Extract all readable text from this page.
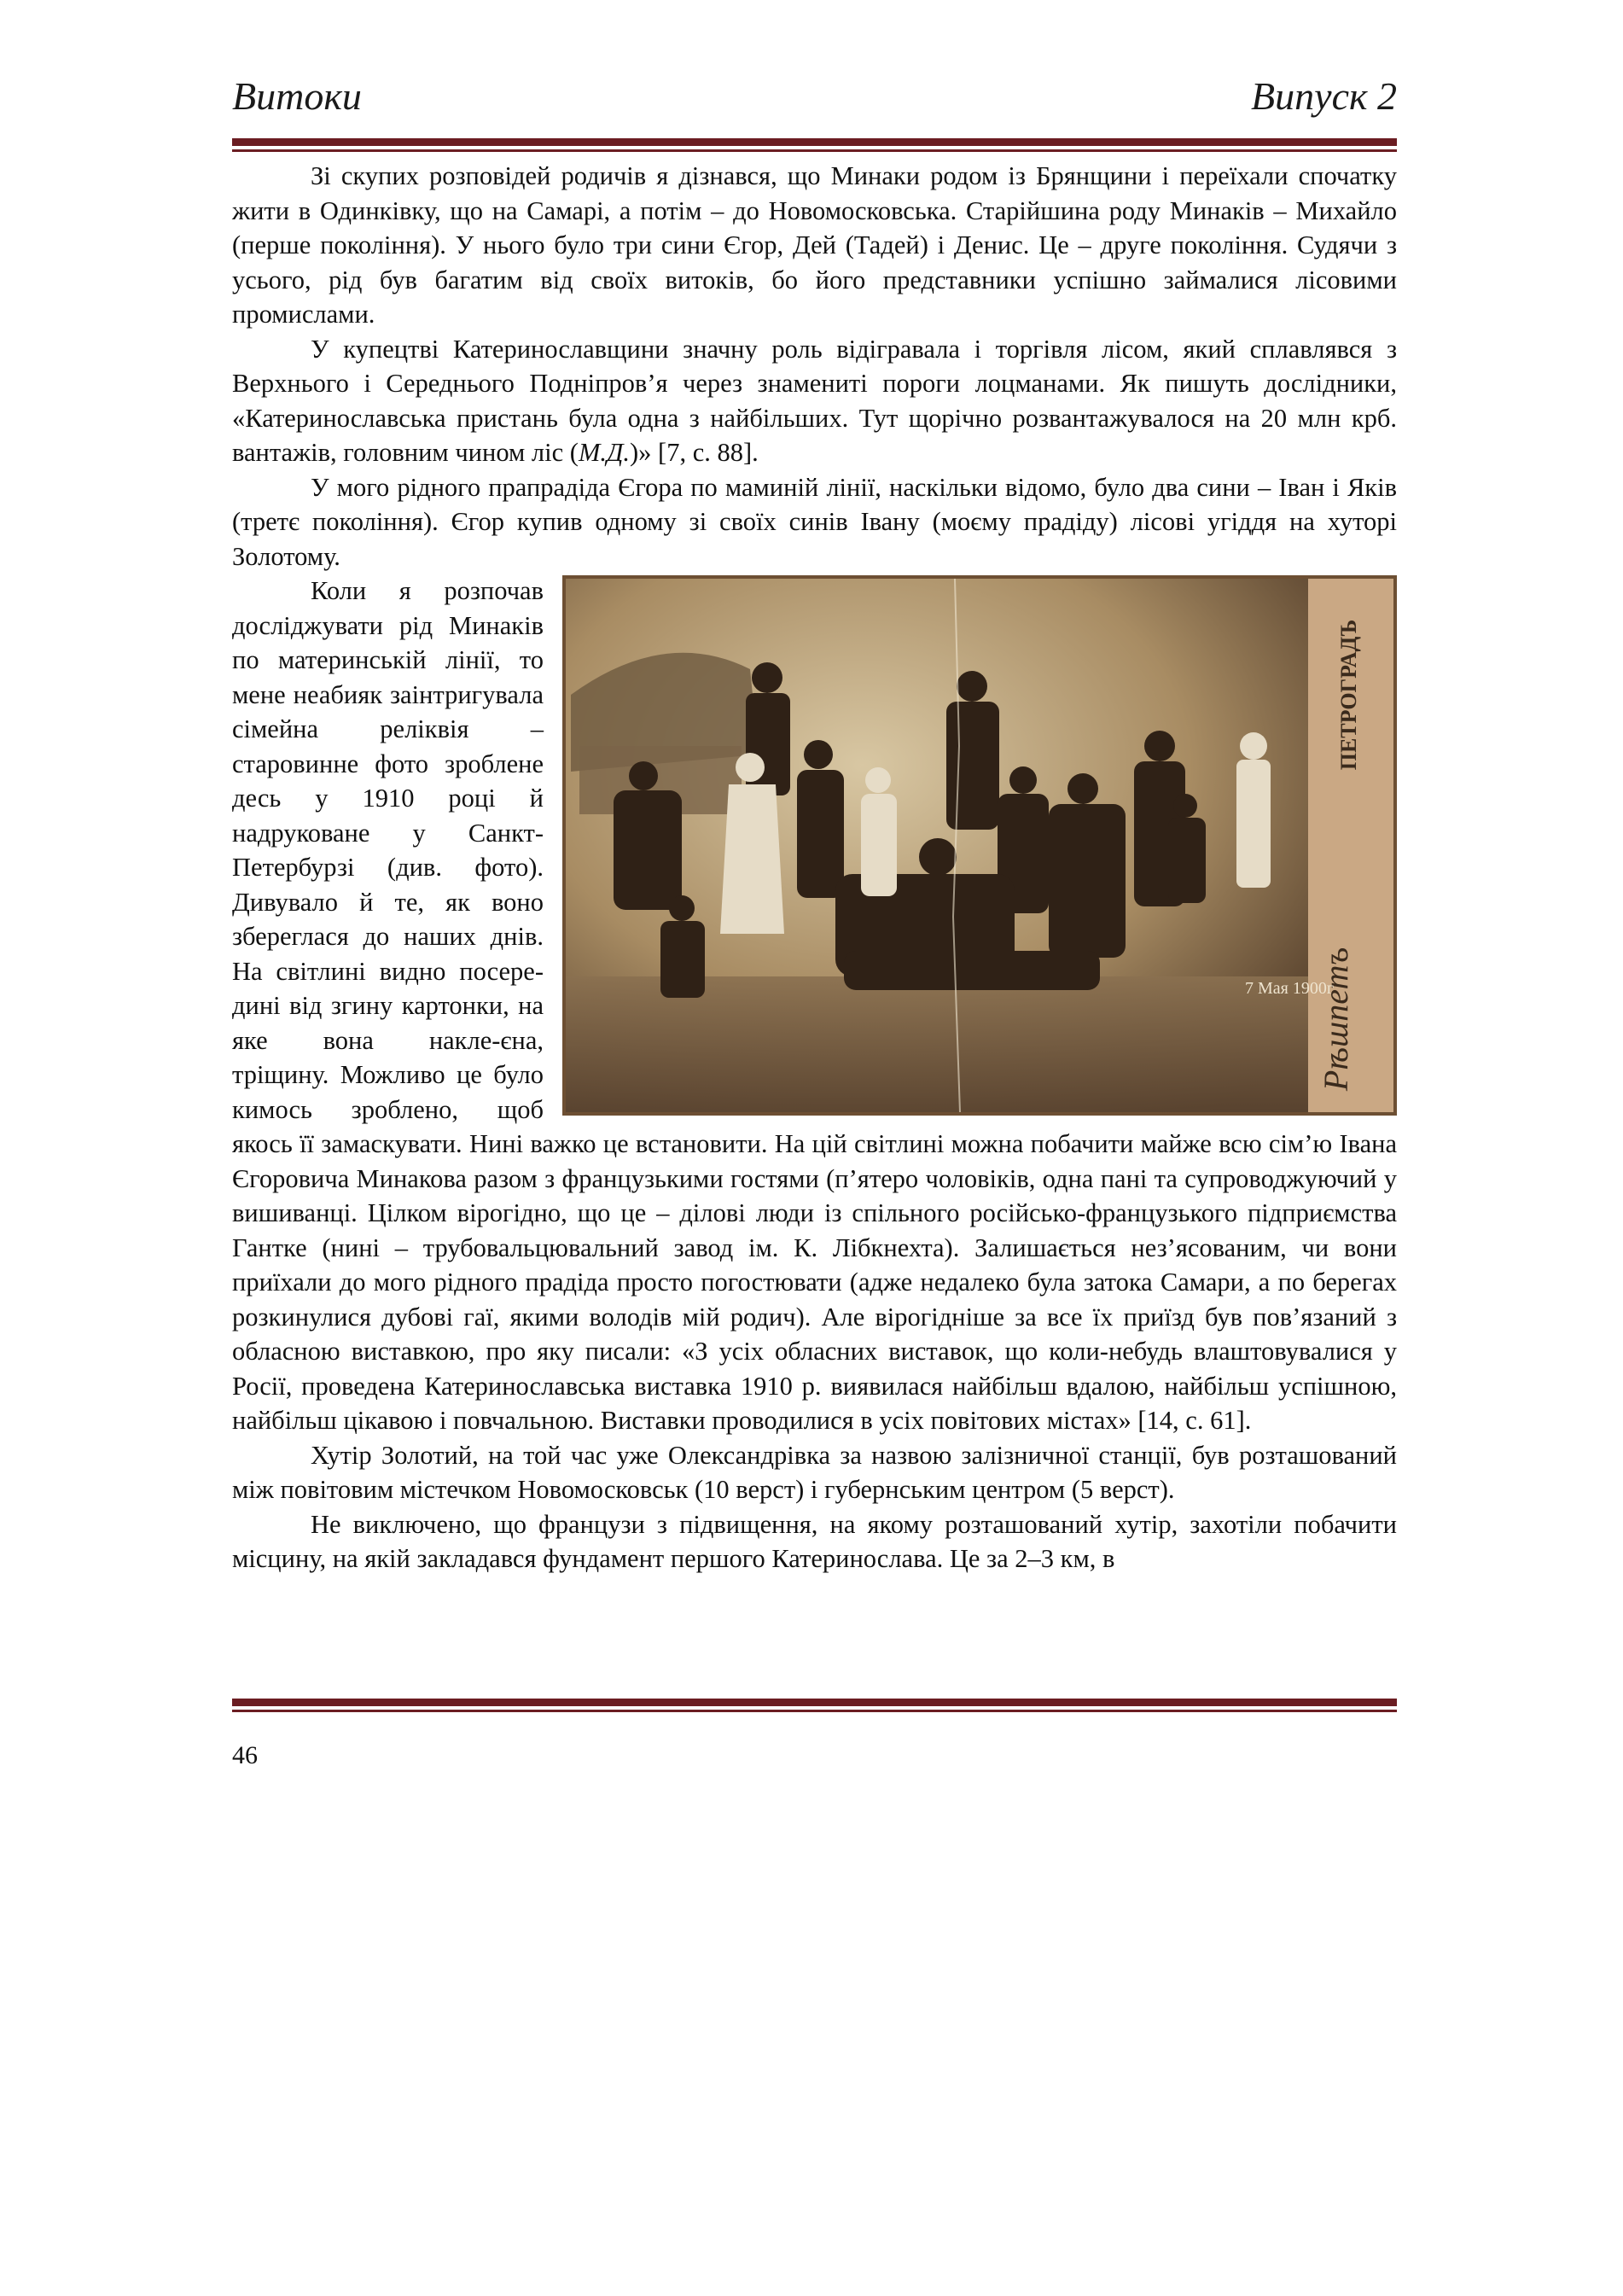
Витоки	Випуск 2

Зі скупих розповідей родичів я дізнався, що Минаки родом із Брянщини і переїхали спочатку жити в Одинківку, що на Самарі, а потім – до Новомосковська. Старійшина роду Минаків – Михайло (перше покоління). У нього було три сини Єгор, Дей (Тадей) і Денис. Це – друге покоління. Судячи з усього, рід був багатим від своїх витоків, бо його представники успішно займалися лісовими промислами.

У купецтві Катеринославщини значну роль відігравала і торгівля лісом, який сплавлявся з Верхнього і Середнього Подніпров’я через знамениті пороги лоцманами. Як пишуть дослідники, «Катеринославська пристань була одна з найбільших. Тут щорічно розвантажувалося на 20 млн крб. вантажів, головним чином ліс (М.Д.)» [7, с. 88].

У мого рідного прапрадіда Єгора по маминій лінії, наскільки відомо, було два сини – Іван і Яків (третє покоління). Єгор купив одному зі своїх синів Івану (моєму прадіду) лісові угіддя на хуторі Золотому.

ПЕТРОГРАДЪ
Рѣшпетъ
7 Мая 1900г

Коли я розпочав досліджувати рід Минаків по материнській лінії, то мене неабияк заінтригувала сімейна реліквія – старовинне фото зроблене десь у 1910 році й надруковане у Санкт-Петербурзі (див. фото). Дивувало й те, як воно збереглася до наших днів. На світлині видно посере-дині від згину картонки, на яке вона накле-єна, тріщину. Можливо це було кимось зроблено, щоб якось її замаскувати. Нині важко це встановити. На цій світлині можна побачити майже всю сім’ю Івана Єгоровича Минакова разом з французькими гостями (п’ятеро чоловіків, одна пані та супроводжуючий у вишиванці. Цілком вірогідно, що це – ділові люди із спільного російсько-французького підприємства Гантке (нині – трубовальцювальний завод ім. К. Лібкнехта). Залишається нез’ясованим, чи вони приїхали до мого рідного прадіда просто погостювати (адже недалеко була затока Самари, а по берегах розкинулися дубові гаї, якими володів мій родич). Але вірогідніше за все їх приїзд був пов’язаний з обласною виставкою, про яку писали: «З усіх обласних виставок, що коли-небудь влаштовувалися у Росії, проведена Катеринославська виставка 1910 р. виявилася найбільш вдалою, найбільш успішною, найбільш цікавою і повчальною. Виставки проводилися в усіх повітових містах» [14, с. 61].

Хутір Золотий, на той час уже Олександрівка за назвою залізничної станції, був розташований між повітовим містечком Новомосковськ (10 верст) і губернським центром (5 верст).

Не виключено, що французи з підвищення, на якому розташований хутір, захотіли побачити місцину, на якій закладався фундамент першого Катеринослава. Це за 2–3 км, в

46
